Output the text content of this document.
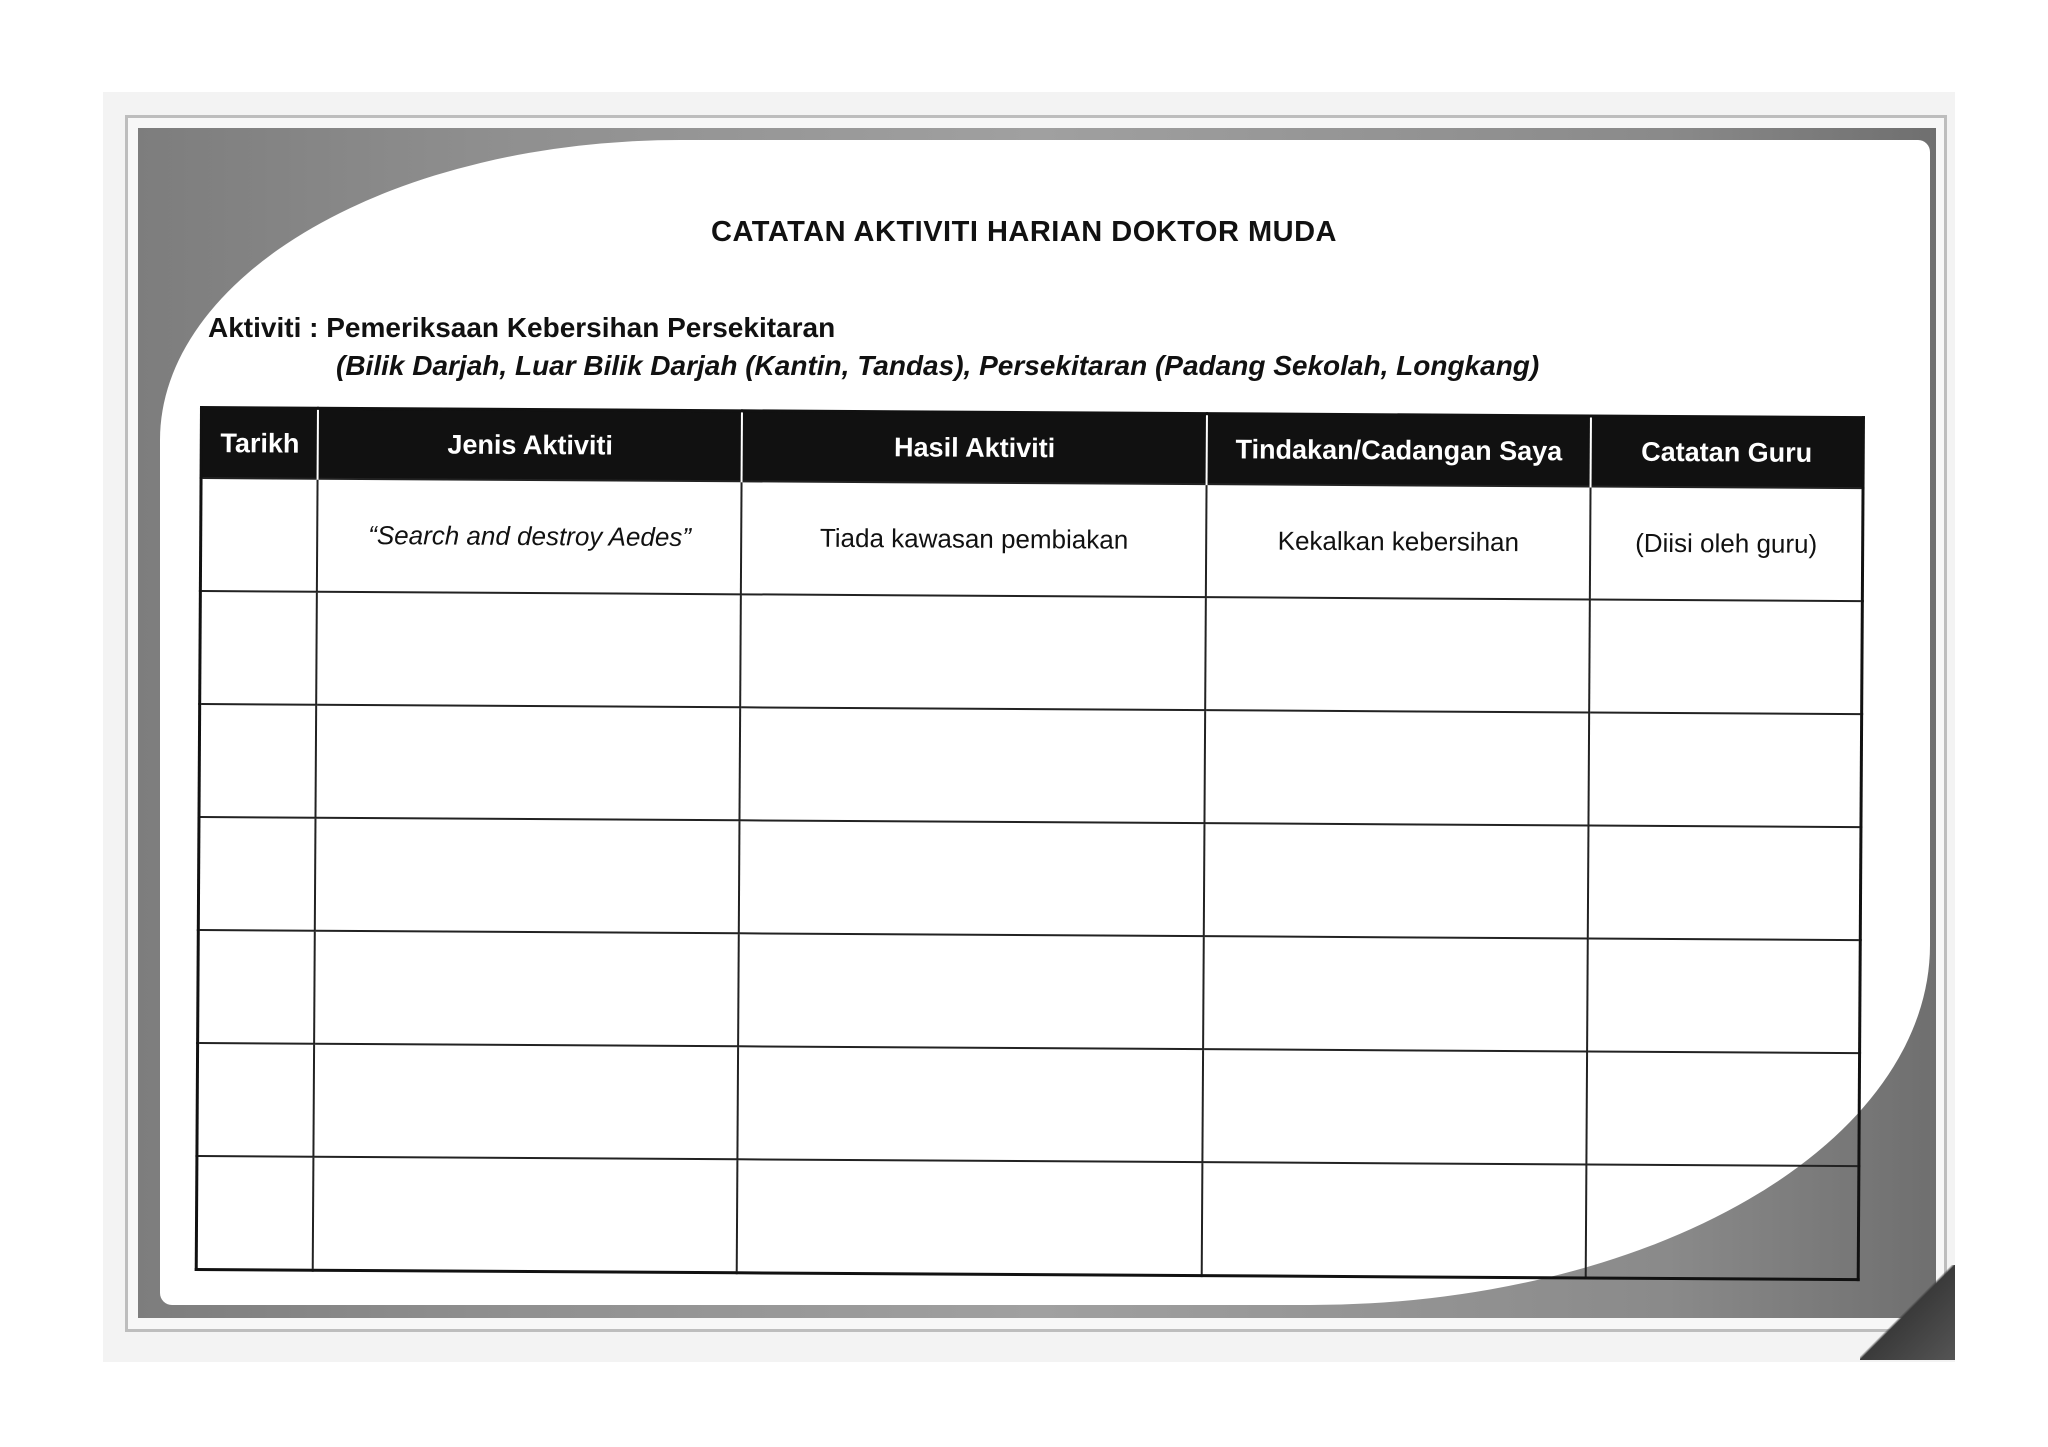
CATATAN AKTIVITI HARIAN DOKTOR MUDA
Aktiviti : Pemeriksaan Kebersihan Persekitaran
(Bilik Darjah, Luar Bilik Darjah (Kantin, Tandas), Persekitaran (Padang Sekolah, Longkang)
Tarikh	Jenis Aktiviti	Hasil Aktiviti	Tindakan/Cadangan Saya	Catatan Guru
	“Search and destroy Aedes”	Tiada kawasan pembiakan	Kekalkan kebersihan	(Diisi oleh guru)
